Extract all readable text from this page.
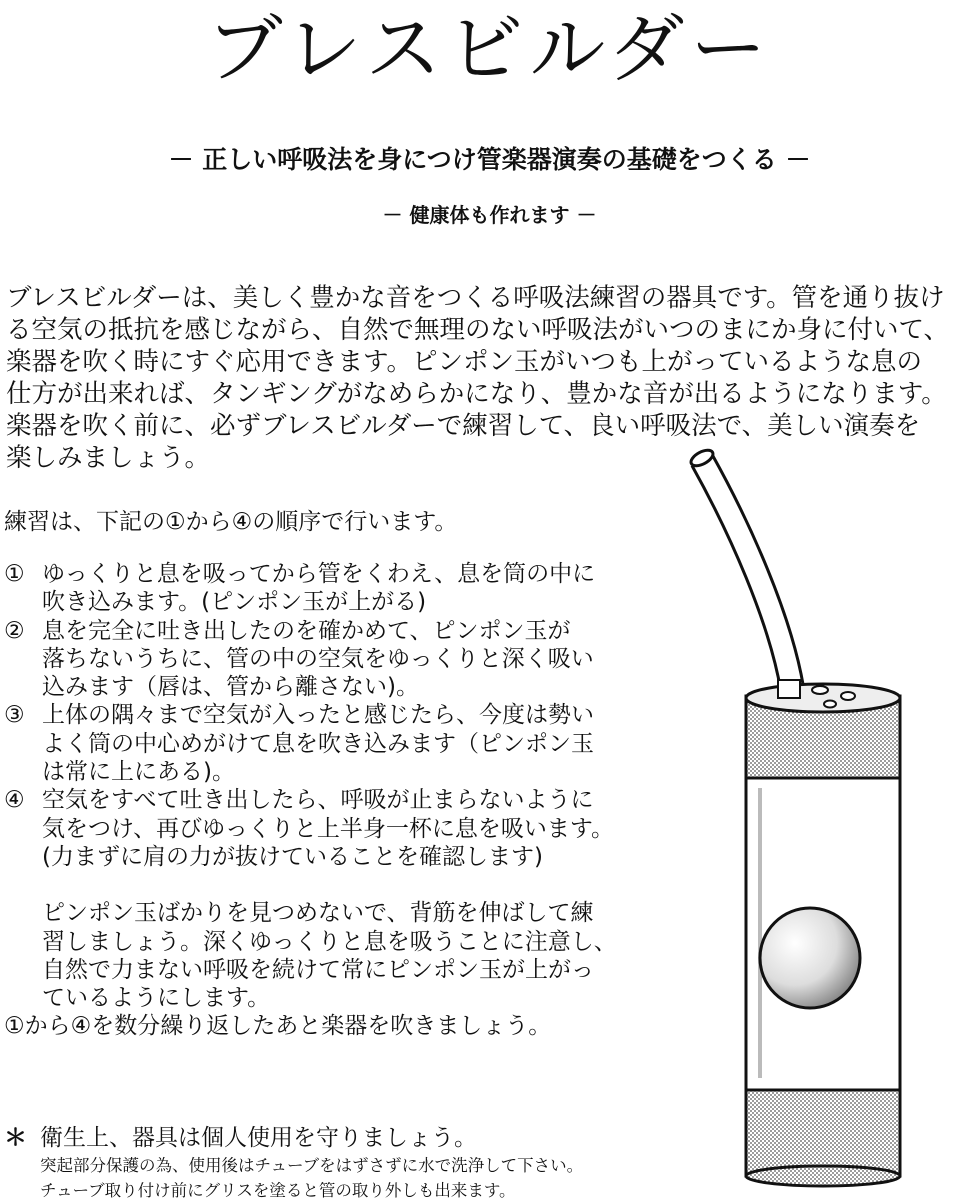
ブレスビルダー
－ 正しい呼吸法を身につけ管楽器演奏の基礎をつくる －
－ 健康体も作れます －
ブレスビルダーは、美しく豊かな音をつくる呼吸法練習の器具です。管を通り抜け
る空気の抵抗を感じながら、自然で無理のない呼吸法がいつのまにか身に付いて、
楽器を吹く時にすぐ応用できます。ピンポン玉がいつも上がっているような息の
仕方が出来れば、タンギングがなめらかになり、豊かな音が出るようになります。
楽器を吹く前に、必ずブレスビルダーで練習して、良い呼吸法で、美しい演奏を
楽しみましょう。
練習は、下記の①から④の順序で行います。
① ゆっくりと息を吸ってから管をくわえ、息を筒の中に
吹き込みます。(ピンポン玉が上がる)
② 息を完全に吐き出したのを確かめて、ピンポン玉が
落ちないうちに、管の中の空気をゆっくりと深く吸い
込みます（唇は、管から離さない)。
③ 上体の隅々まで空気が入ったと感じたら、今度は勢い
よく筒の中心めがけて息を吹き込みます（ピンポン玉
は常に上にある)。
④ 空気をすべて吐き出したら、呼吸が止まらないように
気をつけ、再びゆっくりと上半身一杯に息を吸います。
(力まずに肩の力が抜けていることを確認します)
ピンポン玉ばかりを見つめないで、背筋を伸ばして練
習しましょう。深くゆっくりと息を吸うことに注意し、
自然で力まない呼吸を続けて常にピンポン玉が上がっ
ているようにします。
①から④を数分繰り返したあと楽器を吹きましょう。
＊ 衛生上、器具は個人使用を守りましょう。
突起部分保護の為、使用後はチューブをはずさずに水で洗浄して下さい。
チューブ取り付け前にグリスを塗ると管の取り外しも出来ます。
